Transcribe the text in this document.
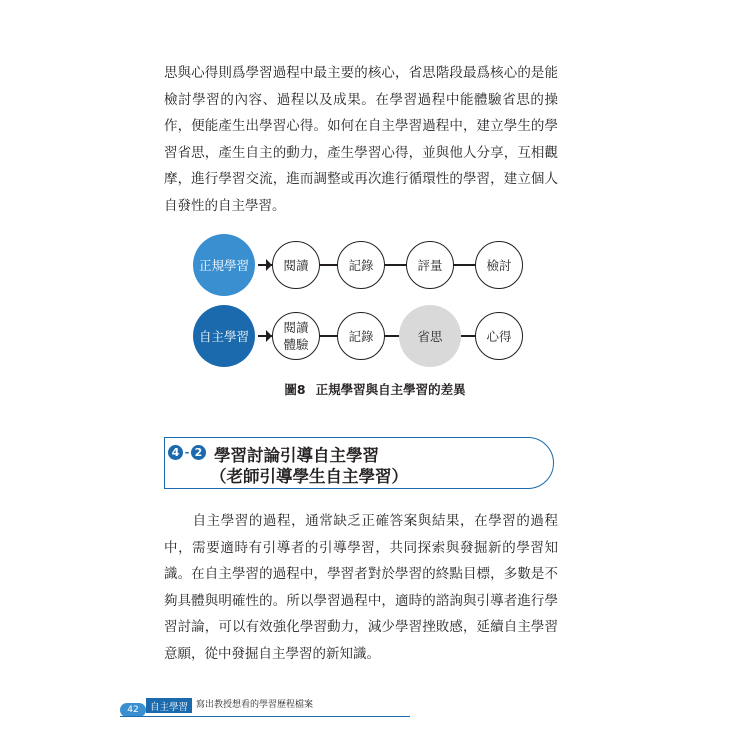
思與心得則爲學習過程中最主要的核心，省思階段最爲核心的是能檢討學習的內容、過程以及成果。在學習過程中能體驗省思的操作，便能產生出學習心得。如何在自主學習過程中，建立學生的學習省思，產生自主的動力，產生學習心得，並與他人分享，互相觀摩，進行學習交流，進而調整或再次進行循環性的學習，建立個人自發性的自主學習。

正規學習	閱讀	記錄	評量	檢討
自主學習
閱讀
體驗
記錄	省思	心得
圖8 正規學習與自主學習的差異
4 - 2 學習討論引導自主學習
（老師引導學生自主學習）

自主學習的過程，通常缺乏正確答案與結果，在學習的過程中，需要適時有引導者的引導學習，共同探索與發掘新的學習知識。在自主學習的過程中，學習者對於學習的終點目標，多數是不夠具體與明確性的。所以學習過程中，適時的諮詢與引導者進行學習討論，可以有效強化學習動力，減少學習挫敗感，延續自主學習意願，從中發掘自主學習的新知識。

42	自主學習 寫出教授想看的學習歷程檔案
